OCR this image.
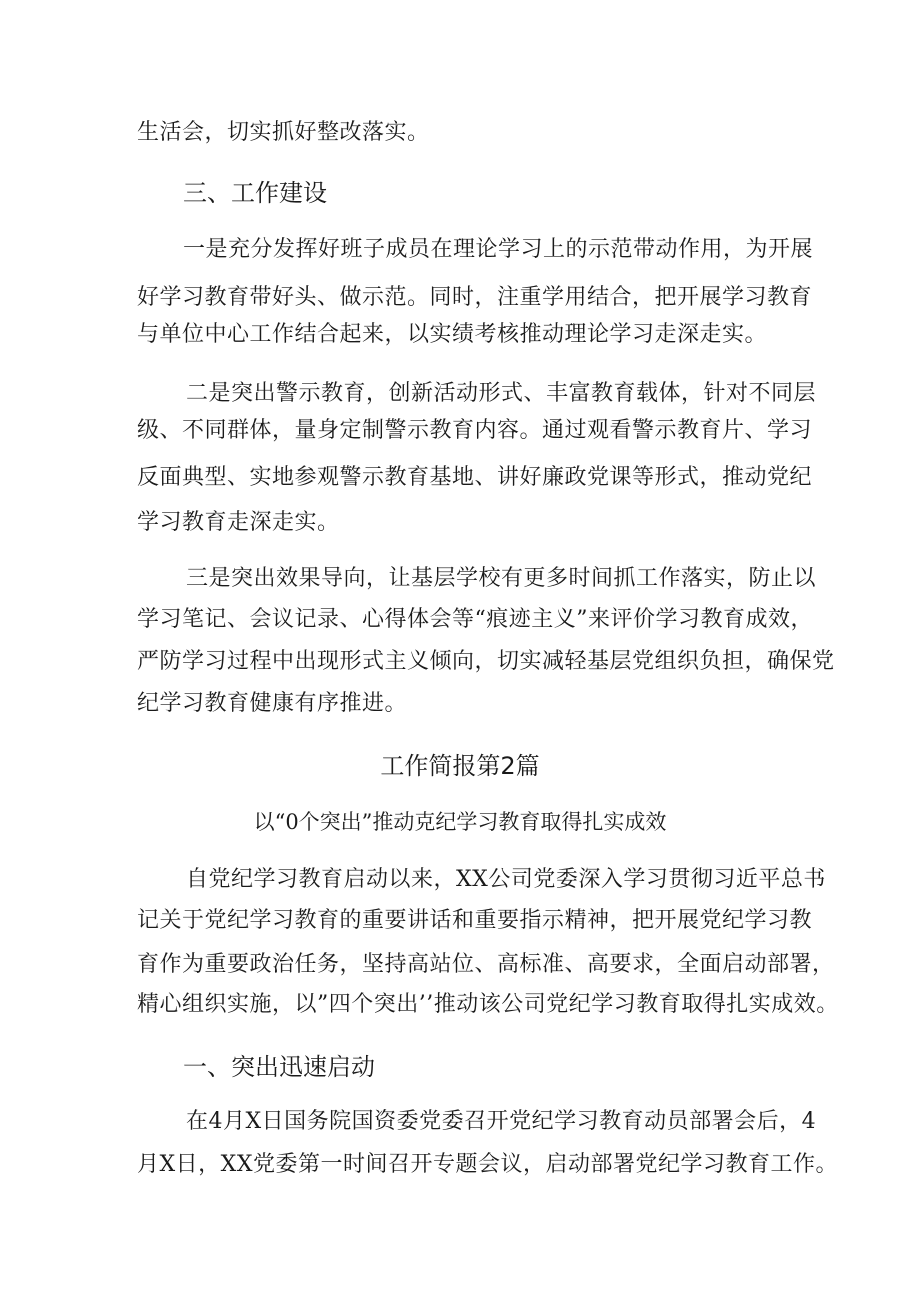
生活会，切实抓好整改落实。
三、工作建设
一是充分发挥好班子成员在理论学习上的示范带动作用，为开展
好学习教育带好头、做示范。同时，注重学用结合，把开展学习教育
与单位中心工作结合起来，以实绩考核推动理论学习走深走实。
二是突出警示教育，创新活动形式、丰富教育载体，针对不同层
级、不同群体，量身定制警示教育内容。通过观看警示教育片、学习
反面典型、实地参观警示教育基地、讲好廉政党课等形式，推动党纪
学习教育走深走实。
三是突出效果导向，让基层学校有更多时间抓工作落实，防止以
学习笔记、会议记录、心得体会等“痕迹主义”来评价学习教育成效，
严防学习过程中出现形式主义倾向，切实减轻基层党组织负担，确保党
纪学习教育健康有序推进。
工作简报第2篇
以“0个突出”推动克纪学习教育取得扎实成效
自党纪学习教育启动以来，XX公司党委深入学习贯彻习近平总书
记关于党纪学习教育的重要讲话和重要指示精神，把开展党纪学习教
育作为重要政治任务，坚持高站位、高标准、高要求，全面启动部署，
精心组织实施，以”四个突出’’推动该公司党纪学习教育取得扎实成效。
一、突出迅速启动
在4月X日国务院国资委党委召开党纪学习教育动员部署会后，4
月X日，XX党委第一时间召开专题会议，启动部署党纪学习教育工作。
